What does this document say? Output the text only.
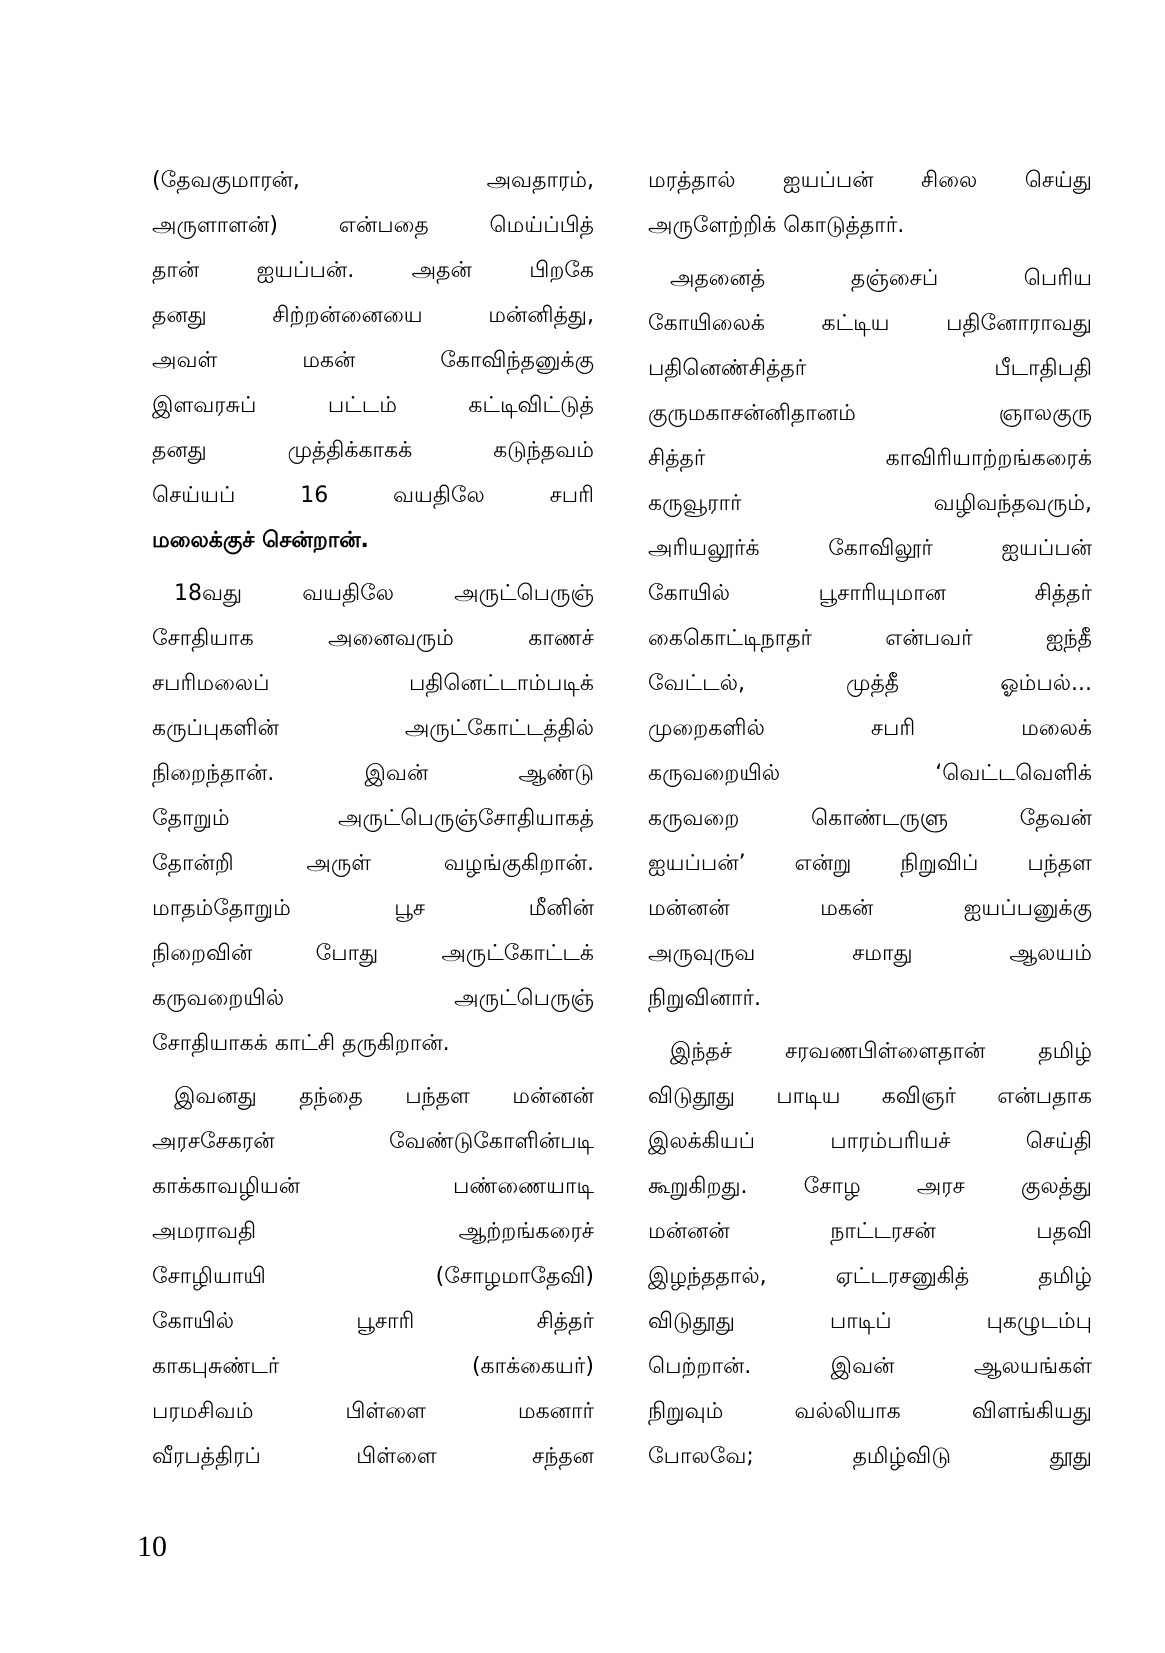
(தேவகுமாரன், அவதாரம்,
அருளாளன்) என்பதை மெய்ப்பித்
தான் ஐயப்பன். அதன் பிறகே
தனது சிற்றன்னையை மன்னித்து,
அவள் மகன் கோவிந்தனுக்கு
இளவரசுப் பட்டம் கட்டிவிட்டுத்
தனது முத்திக்காகக் கடுந்தவம்
செய்யப் 16 வயதிலே சபரி
மலைக்குச் சென்றான்.
18வது வயதிலே அருட்பெருஞ்
சோதியாக அனைவரும் காணச்
சபரிமலைப் பதினெட்டாம்படிக்
கருப்புகளின் அருட்கோட்டத்தில்
நிறைந்தான். இவன் ஆண்டு
தோறும் அருட்பெருஞ்சோதியாகத்
தோன்றி அருள் வழங்குகிறான்.
மாதம்தோறும் பூச மீனின்
நிறைவின் போது அருட்கோட்டக்
கருவறையில் அருட்பெருஞ்
சோதியாகக் காட்சி தருகிறான்.
இவனது தந்தை பந்தள மன்னன்
அரசசேகரன் வேண்டுகோளின்படி
காக்காவழியன் பண்ணையாடி
அமராவதி ஆற்றங்கரைச்
சோழியாயி (சோழமாதேவி)
கோயில் பூசாரி சித்தர்
காகபுசுண்டர் (காக்கையர்)
பரமசிவம் பிள்ளை மகனார்
வீரபத்திரப் பிள்ளை சந்தன
மரத்தால் ஐயப்பன் சிலை செய்து
அருளேற்றிக் கொடுத்தார்.
அதனைத் தஞ்சைப் பெரிய
கோயிலைக் கட்டிய பதினோராவது
பதினெண்சித்தர் பீடாதிபதி
குருமகாசன்னிதானம் ஞாலகுரு
சித்தர் காவிரியாற்றங்கரைக்
கருவூரார் வழிவந்தவரும்,
அரியலூர்க் கோவிலூர் ஐயப்பன்
கோயில் பூசாரியுமான சித்தர்
கைகொட்டிநாதர் என்பவர் ஐந்தீ
வேட்டல், முத்தீ ஓம்பல்...
முறைகளில் சபரி மலைக்
கருவறையில் ‘வெட்டவெளிக்
கருவறை கொண்டருளு தேவன்
ஐயப்பன்’ என்று நிறுவிப் பந்தள
மன்னன் மகன் ஐயப்பனுக்கு
அருவுருவ சமாது ஆலயம்
நிறுவினார்.
இந்தச் சரவணபிள்ளைதான் தமிழ்
விடுதூது பாடிய கவிஞர் என்பதாக
இலக்கியப் பாரம்பரியச் செய்தி
கூறுகிறது. சோழ அரச குலத்து
மன்னன் நாட்டரசன் பதவி
இழந்ததால், ஏட்டரசனுகித் தமிழ்
விடுதூது பாடிப் புகழுடம்பு
பெற்றான். இவன் ஆலயங்கள்
நிறுவும் வல்லியாக விளங்கியது
போலவே; தமிழ்விடு தூது
10
